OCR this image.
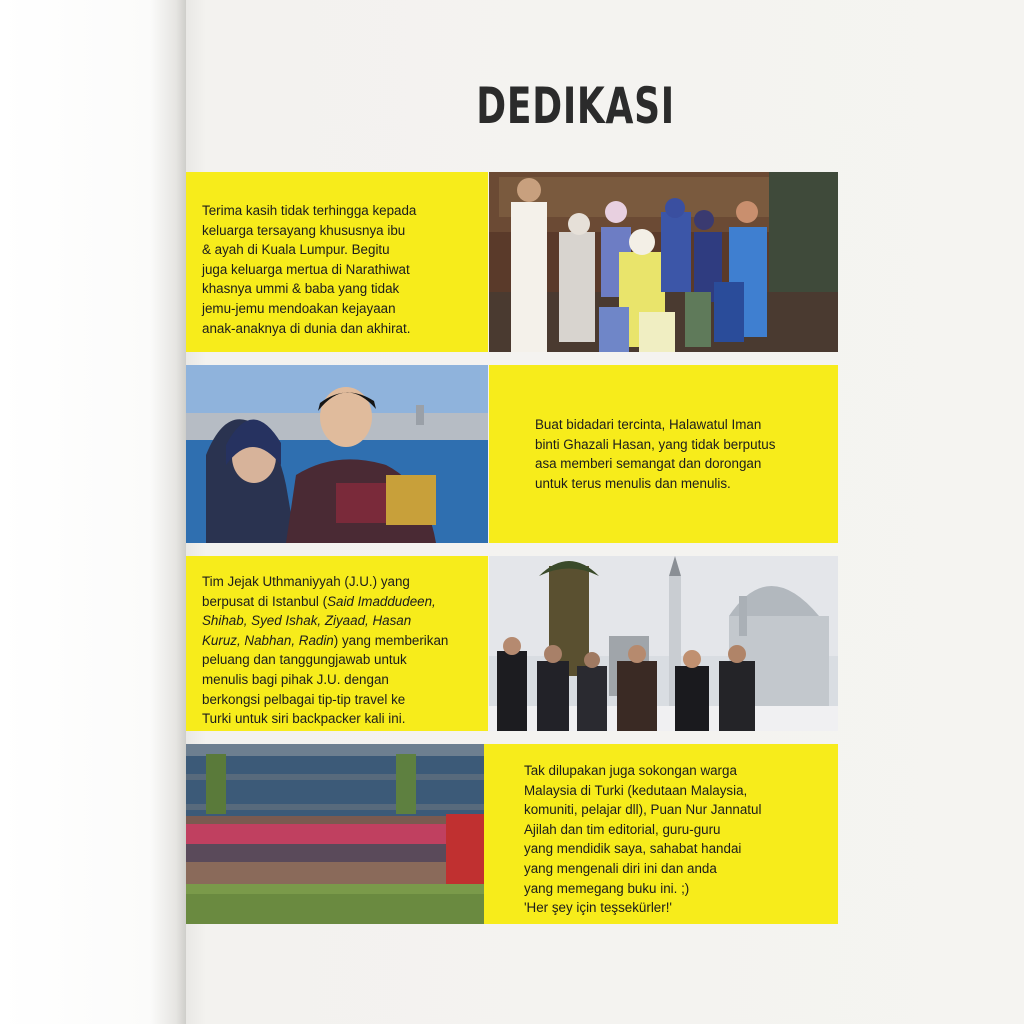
DEDIKASI

Terima kasih tidak terhingga kepada
keluarga tersayang khususnya ibu
& ayah di Kuala Lumpur. Begitu
juga keluarga mertua di Narathiwat
khasnya ummi & baba yang tidak
jemu-jemu mendoakan kejayaan
anak-anaknya di dunia dan akhirat.

Buat bidadari tercinta, Halawatul Iman
binti Ghazali Hasan, yang tidak berputus
asa memberi semangat dan dorongan
untuk terus menulis dan menulis.

Tim Jejak Uthmaniyyah (J.U.) yang
berpusat di Istanbul (Said Imaddudeen,
Shihab, Syed Ishak, Ziyaad, Hasan
Kuruz, Nabhan, Radin) yang memberikan
peluang dan tanggungjawab untuk
menulis bagi pihak J.U. dengan
berkongsi pelbagai tip-tip travel ke
Turki untuk siri backpacker kali ini.

Tak dilupakan juga sokongan warga
Malaysia di Turki (kedutaan Malaysia,
komuniti, pelajar dll), Puan Nur Jannatul
Ajilah dan tim editorial, guru-guru
yang mendidik saya, sahabat handai
yang mengenali diri ini dan anda
yang memegang buku ini. ;)
'Her şey için teşsekürler!'
